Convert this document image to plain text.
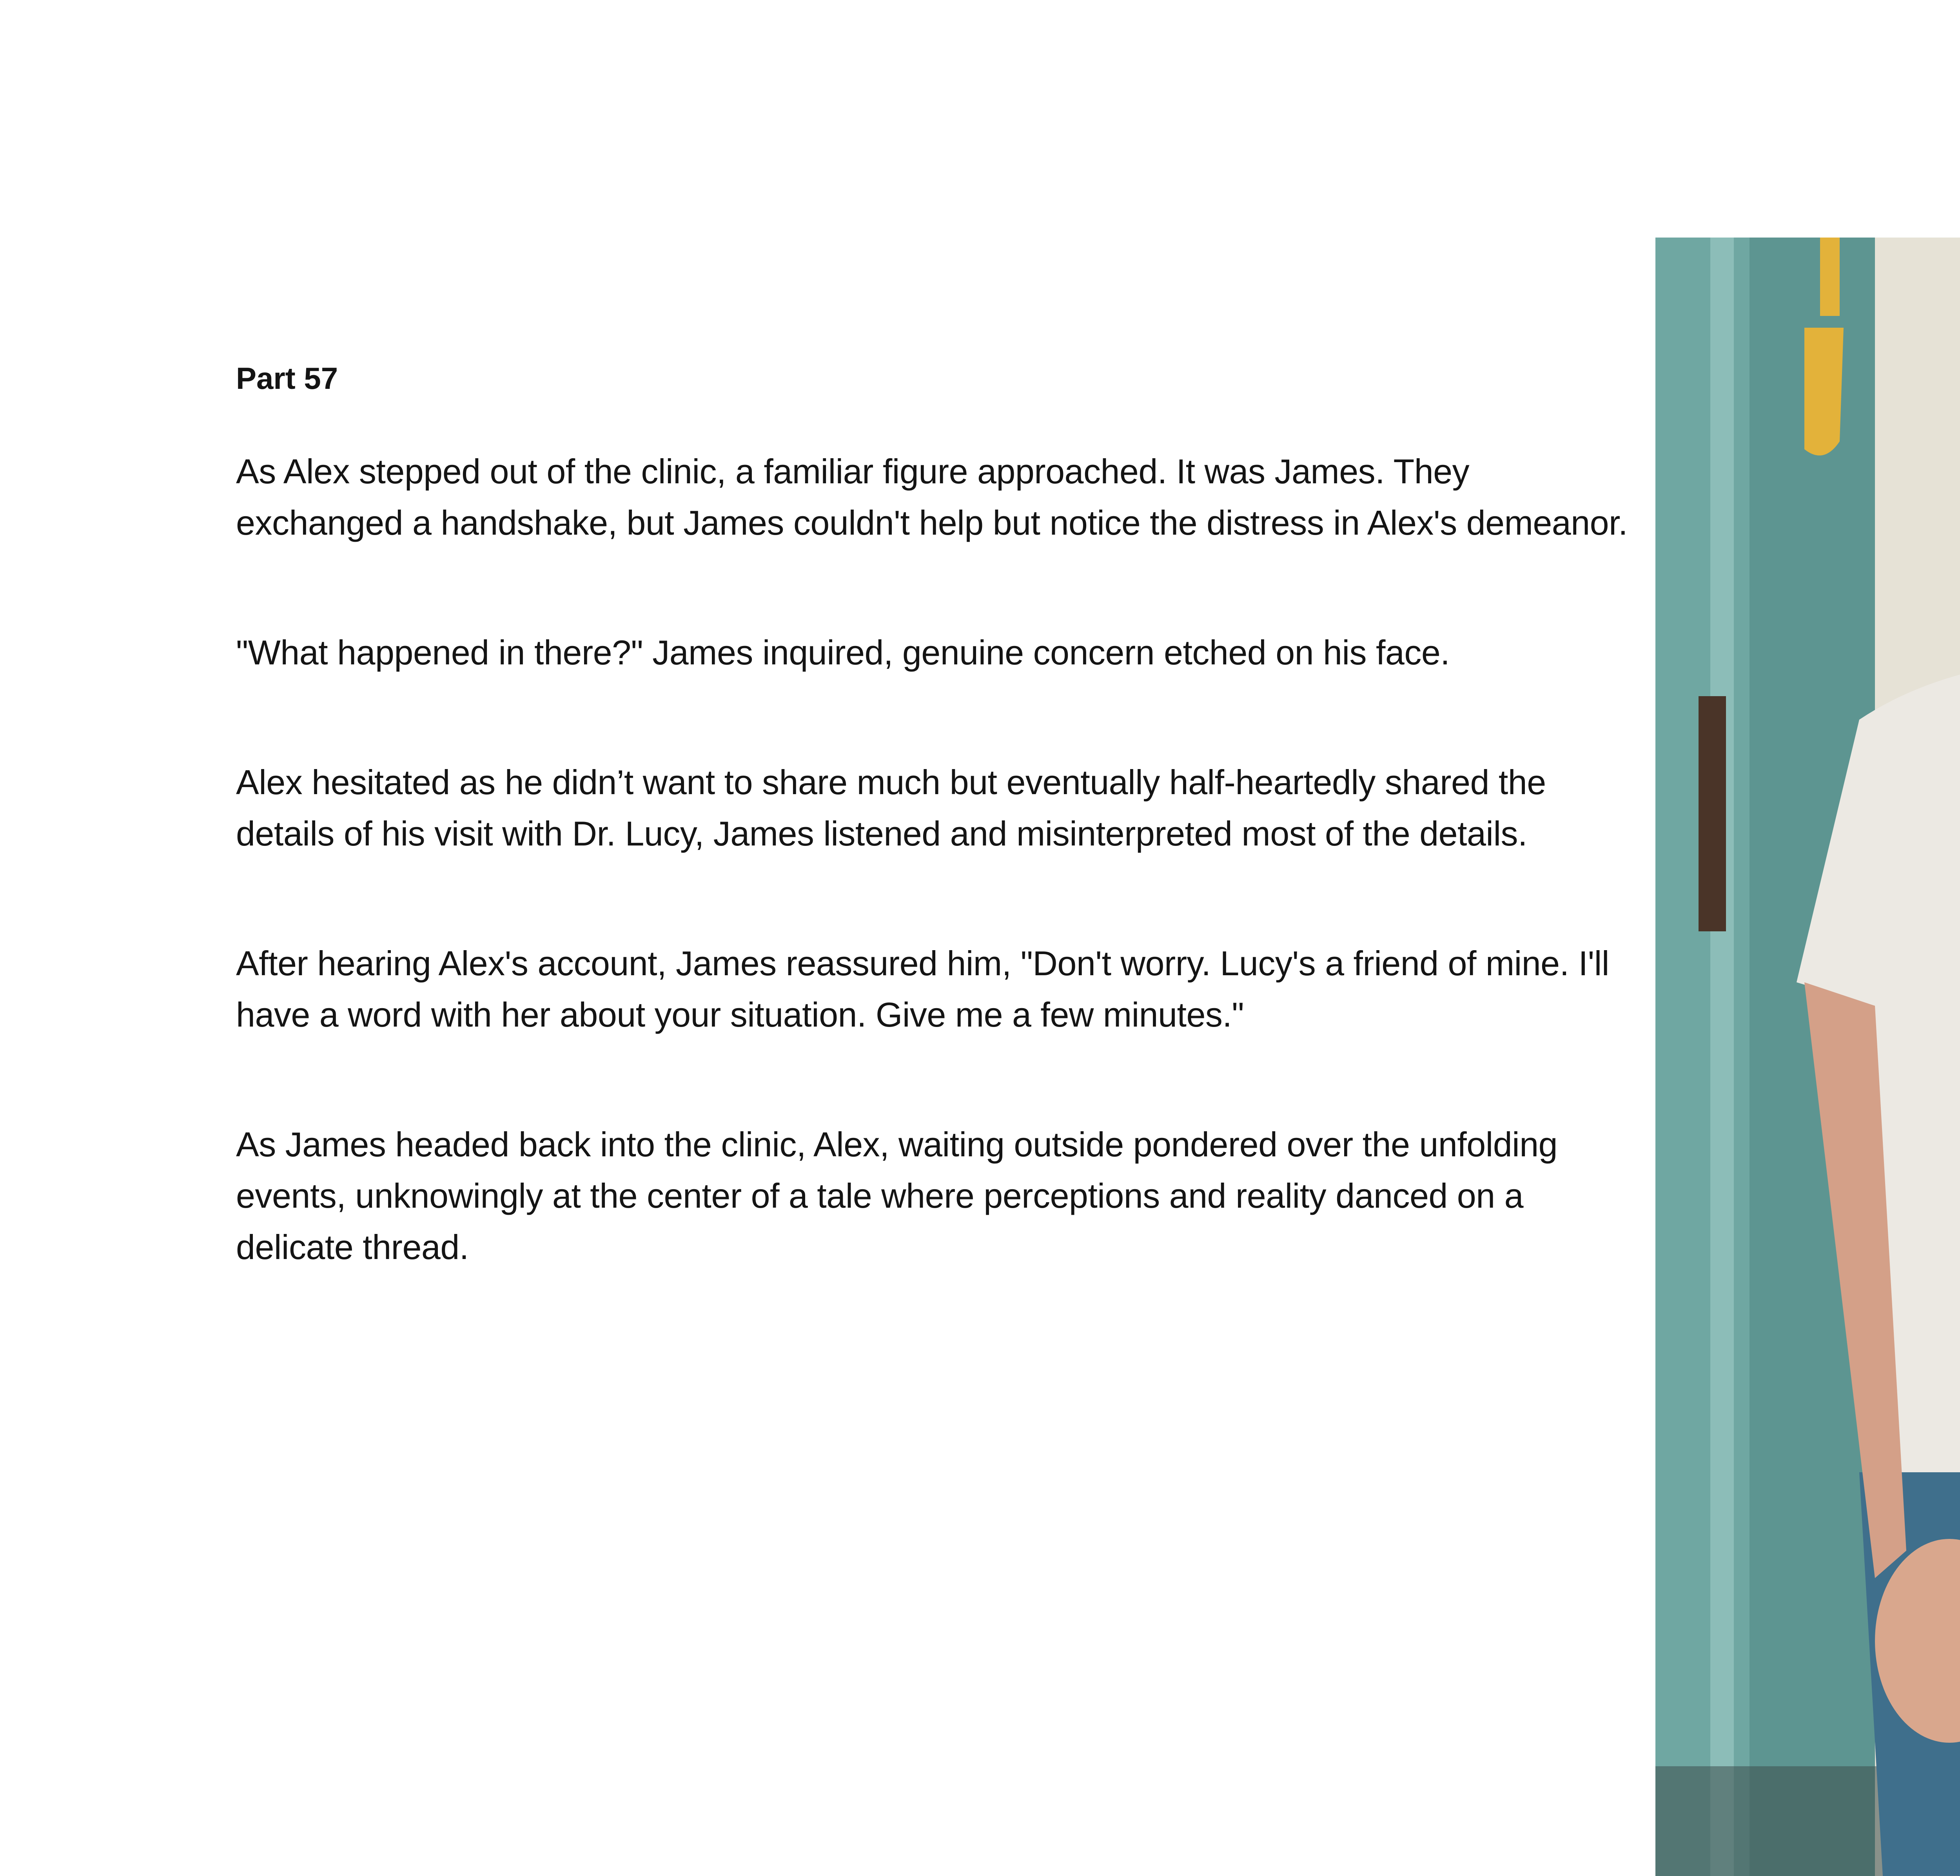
Part 57

As Alex stepped out of the clinic, a familiar figure approached. It was James. They exchanged a handshake, but James couldn't help but notice the distress in Alex's demeanor.

"What happened in there?" James inquired, genuine concern etched on his face.

Alex hesitated as he didn’t want to share much but eventually half-heartedly shared the details of his visit with Dr. Lucy, James listened and misinterpreted most of the details.

After hearing Alex's account, James reassured him, "Don't worry. Lucy's a friend of mine. I'll have a word with her about your situation. Give me a few minutes."

As James headed back into the clinic, Alex, waiting outside pondered over the unfolding events, unknowingly at the center of a tale where perceptions and reality danced on a delicate thread.
